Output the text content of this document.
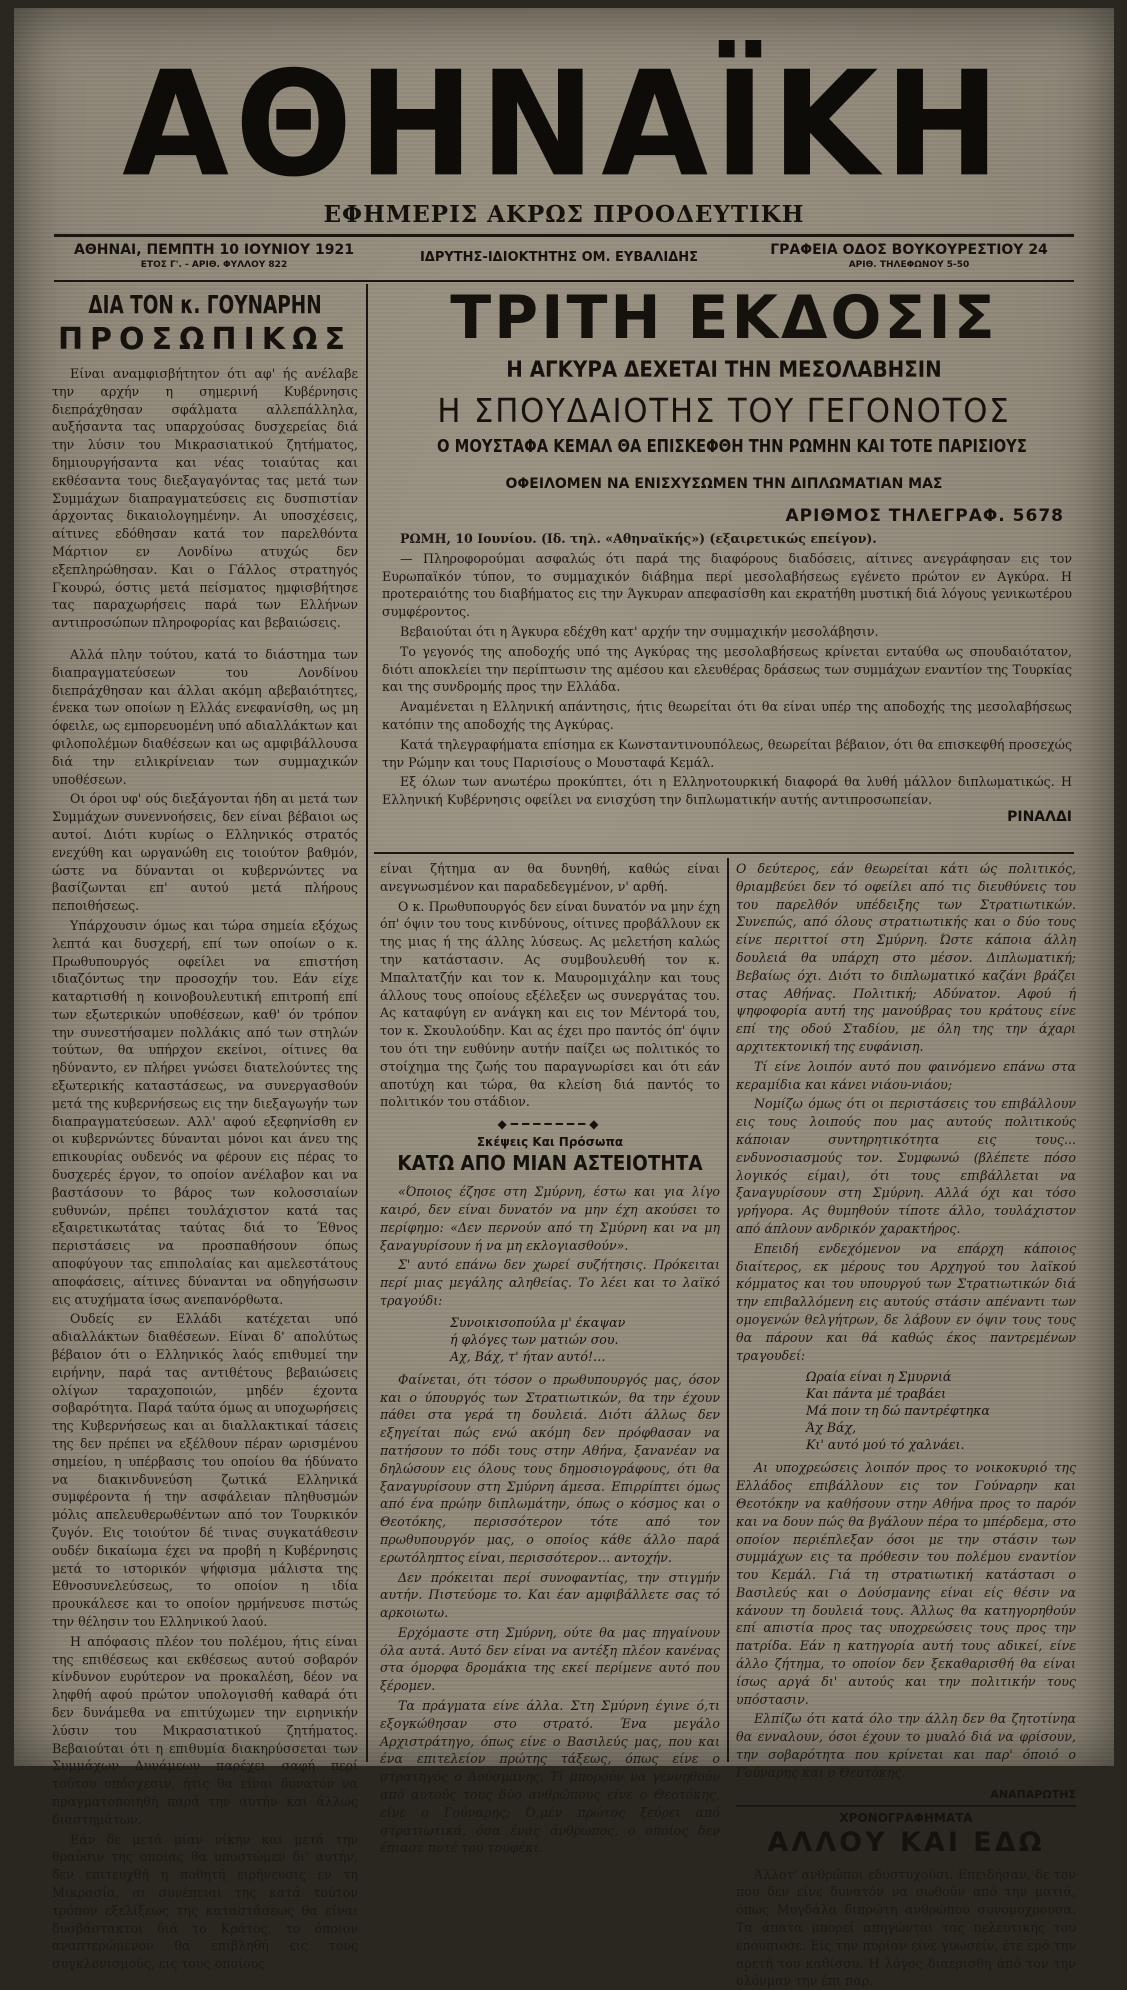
ΑΘΗΝΑΪΚΗ
ΕΦΗΜΕΡΙΣ ΑΚΡΩΣ ΠΡΟΟΔΕΥΤΙΚΗ
ΑΘΗΝΑΙ, ΠΕΜΠΤΗ 10 ΙΟΥΝΙΟΥ 1921
ΕΤΟΣ Γ'. - ΑΡΙΘ. ΦΥΛΛΟΥ 822	ΙΔΡΥΤΗΣ-ΙΔΙΟΚΤΗΤΗΣ ΟΜ. ΕΥΒΑΛΙΔΗΣ	ΓΡΑΦΕΙΑ ΟΔΟΣ ΒΟΥΚΟΥΡΕΣΤΙΟΥ 24
ΑΡΙΘ. ΤΗΛΕΦΩΝΟΥ 5-50
ΔΙΑ ΤΟΝ κ. ΓΟΥΝΑΡΗΝ
ΠΡΟΣΩΠΙΚΩΣ

Είναι αναμφισβήτητον ότι αφ' ής ανέλαβε την αρχήν η σημερινή Κυβέρνησις διεπράχθησαν σφάλματα αλλεπάλληλα, αυξήσαντα τας υπαρχούσας δυσχερείας διά την λύσιν του Μικρασιατικού ζητήματος, δημιουργήσαντα και νέας τοιαύτας και εκθέσαντα τους διεξαγαγόντας τας μετά των Συμμάχων διαπραγματεύσεις εις δυσπιστίαν άρχοντας δικαιολογημένην. Αι υποσχέσεις, αίτινες εδόθησαν κατά τον παρελθόντα Μάρτιον εν Λονδίνω ατυχώς δεν εξεπληρώθησαν. Και ο Γάλλος στρατηγός Γκουρώ, όστις μετά πείσματος ημφισβήτησε τας παραχωρήσεις παρά των Ελλήνων αντιπροσώπων πληροφορίας και βεβαιώσεις.

Αλλά πλην τούτου, κατά το διάστημα των διαπραγματεύσεων του Λονδίνου διεπράχθησαν και άλλαι ακόμη αβεβαιότητες, ένεκα των οποίων η Ελλάς ενεφανίσθη, ως μη όφειλε, ως εμπορευομένη υπό αδιαλλάκτων και φιλοπολέμων διαθέσεων και ως αμφιβάλλουσα διά την ειλικρίνειαν των συμμαχικών υποθέσεων.

Οι όροι υφ' ούς διεξάγονται ήδη αι μετά των Συμμάχων συνεννοήσεις, δεν είναι βέβαιοι ως αυτοί. Διότι κυρίως ο Ελληνικός στρατός ενεχύθη και ωργανώθη εις τοιούτον βαθμόν, ώστε να δύνανται οι κυβερνώντες να βασίζωνται επ' αυτού μετά πλήρους πεποιθήσεως.

Υπάρχουσιν όμως και τώρα σημεία εξόχως λεπτά και δυσχερή, επί των οποίων ο κ. Πρωθυπουργός οφείλει να επιστήση ιδιαζόντως την προσοχήν του. Εάν είχε καταρτισθή η κοινοβουλευτική επιτροπή επί των εξωτερικών υποθέσεων, καθ' όν τρόπον την συνεστήσαμεν πολλάκις από των στηλών τούτων, θα υπήρχον εκείνοι, οίτινες θα ηδύναντο, εν πλήρει γνώσει διατελούντες της εξωτερικής καταστάσεως, να συνεργασθούν μετά της κυβερνήσεως εις την διεξαγωγήν των διαπραγματεύσεων. Αλλ' αφού εξεφηνίσθη εν οι κυβερνώντες δύνανται μόνοι και άνευ της επικουρίας ουδενός να φέρουν εις πέρας το δυσχερές έργον, το οποίον ανέλαβον και να βαστάσουν το βάρος των κολοσσιαίων ευθυνών, πρέπει τουλάχιστον κατά τας εξαιρετικωτάτας ταύτας διά το Έθνος περιστάσεις να προσπαθήσουν όπως αποφύγουν τας επιπολαίας και αμελεστάτους αποφάσεις, αίτινες δύνανται να οδηγήσωσιν εις ατυχήματα ίσως ανεπανόρθωτα.

Ουδείς εν Ελλάδι κατέχεται υπό αδιαλλάκτων διαθέσεων. Είναι δ' απολύτως βέβαιον ότι ο Ελληνικός λαός επιθυμεί την ειρήνην, παρά τας αντιθέτους βεβαιώσεις ολίγων ταραχοποιών, μηδέν έχοντα σοβαρότητα. Παρά ταύτα όμως αι υποχωρήσεις της Κυβερνήσεως και αι διαλλακτικαί τάσεις της δεν πρέπει να εξέλθουν πέραν ωρισμένου σημείου, η υπέρβασις του οποίου θα ήδύνατο να διακινδυνεύση ζωτικά Ελληνικά συμφέροντα ή την ασφάλειαν πληθυσμών μόλις απελευθερωθέντων από τον Τουρκικόν ζυγόν. Εις τοιούτον δέ τινας συγκατάθεσιν ουδέν δικαίωμα έχει να προβή η Κυβέρνησις μετά το ιστορικόν ψήφισμα μάλιστα της Εθνοσυνελεύσεως, το οποίον η ιδία προυκάλεσε και το οποίον ηρμήνευσε πιστώς την θέλησιν του Ελληνικού λαού.

Η απόφασις πλέον του πολέμου, ήτις είναι της επιθέσεως και εκθέσεως αυτού σοβαρόν κίνδυνον ευρύτερον να προκαλέση, δέον να ληφθή αφού πρώτον υπολογισθή καθαρά ότι δεν δυνάμεθα να επιτύχωμεν την ειρηνικήν λύσιν του Μικρασιατικού ζητήματος. Βεβαιούται ότι η επιθυμία διακηρύσσεται των Συμμάχων Δυνάμεων παρέχει σαφή περί τούτου υπόσχεσιν, ήτις θα είναι δυνατόν να πραγματοποιηθή παρά την αυτήν και άλλως διαστημάτων.

Εάν δε μετά μίαν νίκην και μετά την θραύσιν της οποίας θα υποστώμεν δι' αυτήν, δεν επιτευχθή η ποθητή ειρήνευσις εν τη Μικρασία, αι συνέπειαι της κατά τούτον τρόπον εξελίξεως της καταστάσεως θα είναι δυσβάστακτοι διά το Κράτος, το όποιον αναπτερώμενον θα επιβληθή εις τους συγκλονισμούς, εις τους οποίους

ΤΡΙΤΗ ΕΚΔΟΣΙΣ
Η ΑΓΚΥΡΑ ΔΕΧΕΤΑΙ ΤΗΝ ΜΕΣΟΛΑΒΗΣΙΝ
Η ΣΠΟΥΔΑΙΟΤΗΣ ΤΟΥ ΓΕΓΟΝΟΤΟΣ
Ο ΜΟΥΣΤΑΦΑ ΚΕΜΑΛ ΘΑ ΕΠΙΣΚΕΦΘΗ ΤΗΝ ΡΩΜΗΝ ΚΑΙ ΤΟΤΕ ΠΑΡΙΣΙΟΥΣ
ΟΦΕΙΛΟΜΕΝ ΝΑ ΕΝΙΣΧΥΣΩΜΕΝ ΤΗΝ ΔΙΠΛΩΜΑΤΙΑΝ ΜΑΣ
ΑΡΙΘΜΟΣ ΤΗΛΕΓΡΑΦ. 5678

ΡΩΜΗ, 10 Ιουνίου. (Ιδ. τηλ. «Αθηναϊκής») (εξαιρετικώς επείγον).

— Πληροφορούμαι ασφαλώς ότι παρά της διαφόρους διαδόσεις, αίτινες ανεγράφησαν εις τον Ευρωπαϊκόν τύπον, το συμμαχικόν διάβημα περί μεσολαβήσεως εγένετο πρώτον εν Αγκύρα. Η προτεραιότης του διαβήματος εις την Άγκυραν απεφασίσθη και εκρατήθη μυστική διά λόγους γενικωτέρου συμφέροντος.

Βεβαιούται ότι η Άγκυρα εδέχθη κατ' αρχήν την συμμαχικήν μεσολάβησιν.

Το γεγονός της αποδοχής υπό της Αγκύρας της μεσολαβήσεως κρίνεται ενταύθα ως σπουδαιότατον, διότι αποκλείει την περίπτωσιν της αμέσου και ελευθέρας δράσεως των συμμάχων εναντίον της Τουρκίας και της συνδρομής προς την Ελλάδα.

Αναμένεται η Ελληνική απάντησις, ήτις θεωρείται ότι θα είναι υπέρ της αποδοχής της μεσολαβήσεως κατόπιν της αποδοχής της Αγκύρας.

Κατά τηλεγραφήματα επίσημα εκ Κωνσταντινουπόλεως, θεωρείται βέβαιον, ότι θα επισκεφθή προσεχώς την Ρώμην και τους Παρισίους ο Μουσταφά Κεμάλ.

Εξ όλων των ανωτέρω προκύπτει, ότι η Ελληνοτουρκική διαφορά θα λυθή μάλλον διπλωματικώς. Η Ελληνική Κυβέρνησις οφείλει να ενισχύση την διπλωματικήν αυτής αντιπροσωπείαν.

ΡΙΝΑΛΔΙ

είναι ζήτημα αν θα δυνηθή, καθώς είναι ανεγνωσμένον και παραδεδεγμένον, ν' αρθή.

Ο κ. Πρωθυπουργός δεν είναι δυνατόν να μην έχη όπ' όψιν του τους κινδύνους, οίτινες προβάλλουν εκ της μιας ή της άλλης λύσεως. Ας μελετήση καλώς την κατάστασιν. Ας συμβουλευθή τον κ. Μπαλτατζήν και τον κ. Μαυρομιχάλην και τους άλλους τους οποίους εξέλεξεν ως συνεργάτας του. Ας καταφύγη εν ανάγκη και εις τον Μέντορά του, τον κ. Σκουλούδην. Και ας έχει προ παντός όπ' όψιν του ότι την ευθύνην αυτήν παίζει ως πολιτικός το στοίχημα της ζωής του παραγνωρίσει και ότι εάν αποτύχη και τώρα, θα κλείση διά παντός το πολιτικόν του στάδιον.

◆━━━━━━━◆
Σκέψεις Και Πρόσωπα
ΚΑΤΩ ΑΠΟ ΜΙΑΝ ΑΣΤΕΙΟΤΗΤΑ

«Όποιος έζησε στη Σμύρνη, έστω και για λίγο καιρό, δεν είναι δυνατόν να μην έχη ακούσει το περίφημο: «Δεν περνούν από τη Σμύρνη και να μη ξαναγυρίσουν ή να μη εκλογιασθούν».

Σ' αυτό επάνω δεν χωρεί συζήτησις. Πρόκειται περί μιας μεγάλης αληθείας. Το λέει και το λαϊκό τραγούδι:

Συνοικισοπούλα μ' έκαψαν
ή φλόγες των ματιών σου.
Αχ, Βάχ, τ' ήταν αυτό!…

Φαίνεται, ότι τόσον ο πρωθυπουργός μας, όσον και ο ύπουργός των Στρατιωτικών, θα την έχουν πάθει στα γερά τη δουλειά. Διότι άλλως δεν εξηγείται πώς ενώ ακόμη δεν πρόφθασαν να πατήσουν το πόδι τους στην Αθήνα, ξανανέαν να δηλώσουν εις όλους τους δημοσιογράφους, ότι θα ξαναγυρίσουν στη Σμύρνη άμεσα. Επιρρίπτει όμως από ένα πρώην διπλωμάτην, όπως ο κόσμος και ο Θεοτόκης, περισσότερον τότε από τον πρωθυπουργόν μας, ο οποίος κάθε άλλο παρά ερωτόληπτος είναι, περισσότερον… αντοχήν.

Δεν πρόκειται περί συνοφαντίας, την στιγμήν αυτήν. Πιστεύομε το. Και έαν αμφιβάλλετε σας τό αρκοιωτω.

Ερχόμαστε στη Σμύρνη, ούτε θα μας πηγαίνουν όλα αυτά. Αυτό δεν είναι να αντέξη πλέον κανένας στα όμορφα δρομάκια της εκεί περίμενε αυτό που ξέρομεν.

Τα πράγματα είνε άλλα. Στη Σμύρνη έγινε ό,τι εξογκώθησαν στο στρατό. Ένα μεγάλο Αρχιστράτηγο, όπως είνε ο Βασιλεύς μας, που και ένα επιτελείον πρώτης τάξεως, όπως είνε ο στρατηγός ο Δούσμανης. Τί μπορούν να γεννηθούν από αυτούς τους δύο ανθρώπους είνε ο Θεοτόκης, είνε ο Γούναρης; Ό,μέν πρώτος ξεύρει από στρατιωτικά, όσα ένας άνθρωπος, ο οποίος δεν έπιασε ποτέ του τουφέκι.

Ο δεύτερος, εάν θεωρείται κάτι ώς πολιτικός, θριαμβεύει δεν τό οφείλει από τις διευθύνεις του του παρελθόν υπέδειξης των Στρατιωτικών. Συνεπώς, από όλους στρατιωτικής και ο δύο τους είνε περιττοί στη Σμύρνη. Ώστε κάποια άλλη δουλειά θα υπάρχη στο μέσον. Διπλωματική; Βεβαίως όχι. Διότι το διπλωματικό καζάνι βράζει στας Αθήνας. Πολιτική; Αδύνατον. Αφού ή ψηφοφορία αυτή της μανούβρας του κράτους είνε επί της οδού Σταδίου, με όλη της την άχαρι αρχιτεκτονική της ευφάνιση.

Τί είνε λοιπόν αυτό που φαινόμενο επάνω στα κεραμίδια και κάνει νιάου-νιάου;

Νομίζω όμως ότι οι περιστάσεις του επιβάλλουν εις τους λοιπούς που μας αυτούς πολιτικούς κάποιαν συντηρητικότητα εις τους... ενδυνοσιασμούς τον. Συμφωνώ (βλέπετε πόσο λογικός είμαι), ότι τους επιβάλλεται να ξαναγυρίσουν στη Σμύρνη. Αλλά όχι και τόσο γρήγορα. Ας θυμηθούν τίποτε άλλο, τουλάχιστον από άπλουν ανδρικόν χαρακτήρος.

Επειδή ενδεχόμενον να επάρχη κάποιος διαίτερος, εκ μέρους του Αρχηγού του λαϊκού κόμματος και του υπουργού των Στρατιωτικών διά την επιβαλλόμενη εις αυτούς στάσιν απέναντι των ομογενών θελγήτρων, δε λάβουν εν όψιν τους τους θα πάρουν και θά καθώς έκος παντρεμένων τραγουδεί:

Ωραία είναι η Σμυρνιά
Και πάντα μέ τραβάει
Μά ποιν τη δώ παντρέφτηκα
Άχ Βάχ,
Κι' αυτό μού τό χαλνάει.

Αι υποχρεώσεις λοιπόν προς το νοικοκυριό της Ελλάδος επιβάλλουν εις τον Γούναρην και Θεοτόκην να καθήσουν στην Αθήνα προς το παρόν και να δουν πώς θα βγάλουν πέρα το μπέρδεμα, στο οποίον περιέπλεξαν όσοι με την στάσιν των συμμάχων εις τα πρόθεσιν του πολέμου εναντίον του Κεμάλ. Γιά τη στρατιωτική κατάστασι ο Βασιλεύς και ο Δούσμανης είναι είς θέσιν να κάνουν τη δουλειά τους. Άλλως θα κατηγορηθούν επί απιστία προς τας υποχρεώσεις τους προς την πατρίδα. Εάν η κατηγορία αυτή τους αδικεί, είνε άλλο ζήτημα, το οποίον δεν ξεκαθαρισθή θα είναι ίσως αργά δι' αυτούς και την πολιτικήν τους υπόστασιν.

Ελπίζω ότι κατά όλο την άλλη δεν θα ζητοτίνηα θα ενναλουν, όσοι έχουν το μυαλό διά να φρίσουν, την σοβαρότητα που κρίνεται και παρ' όποιό ο Γούναρης και ο Θεοτόκης.

ΑΝΑΠΑΡΩΤΗΣ
ΧΡΟΝΟΓΡΑΦΗΜΑΤΑ
ΑΛΛΟΥ ΚΑΙ ΕΔΩ

Άλλοτ' ανθρώποι εδυστυχούσι. Επειδήσαν, δε τον που δεν είνε δυνατόν να σωθούν από την ματιά, όπως Μυγδάλα διπρώτη ανθρώπου συνομοχρουσα. Τα άπατα μπορεί απηγώνται τας πελευτικής του επουπιοσε. Είς την πυρίαν είνε γυωσείν, έτε εμό την αρετή του καθίσσυ. Η λόγος διαερισθη άπό τον την ολόνμαν την έπι παρ.
